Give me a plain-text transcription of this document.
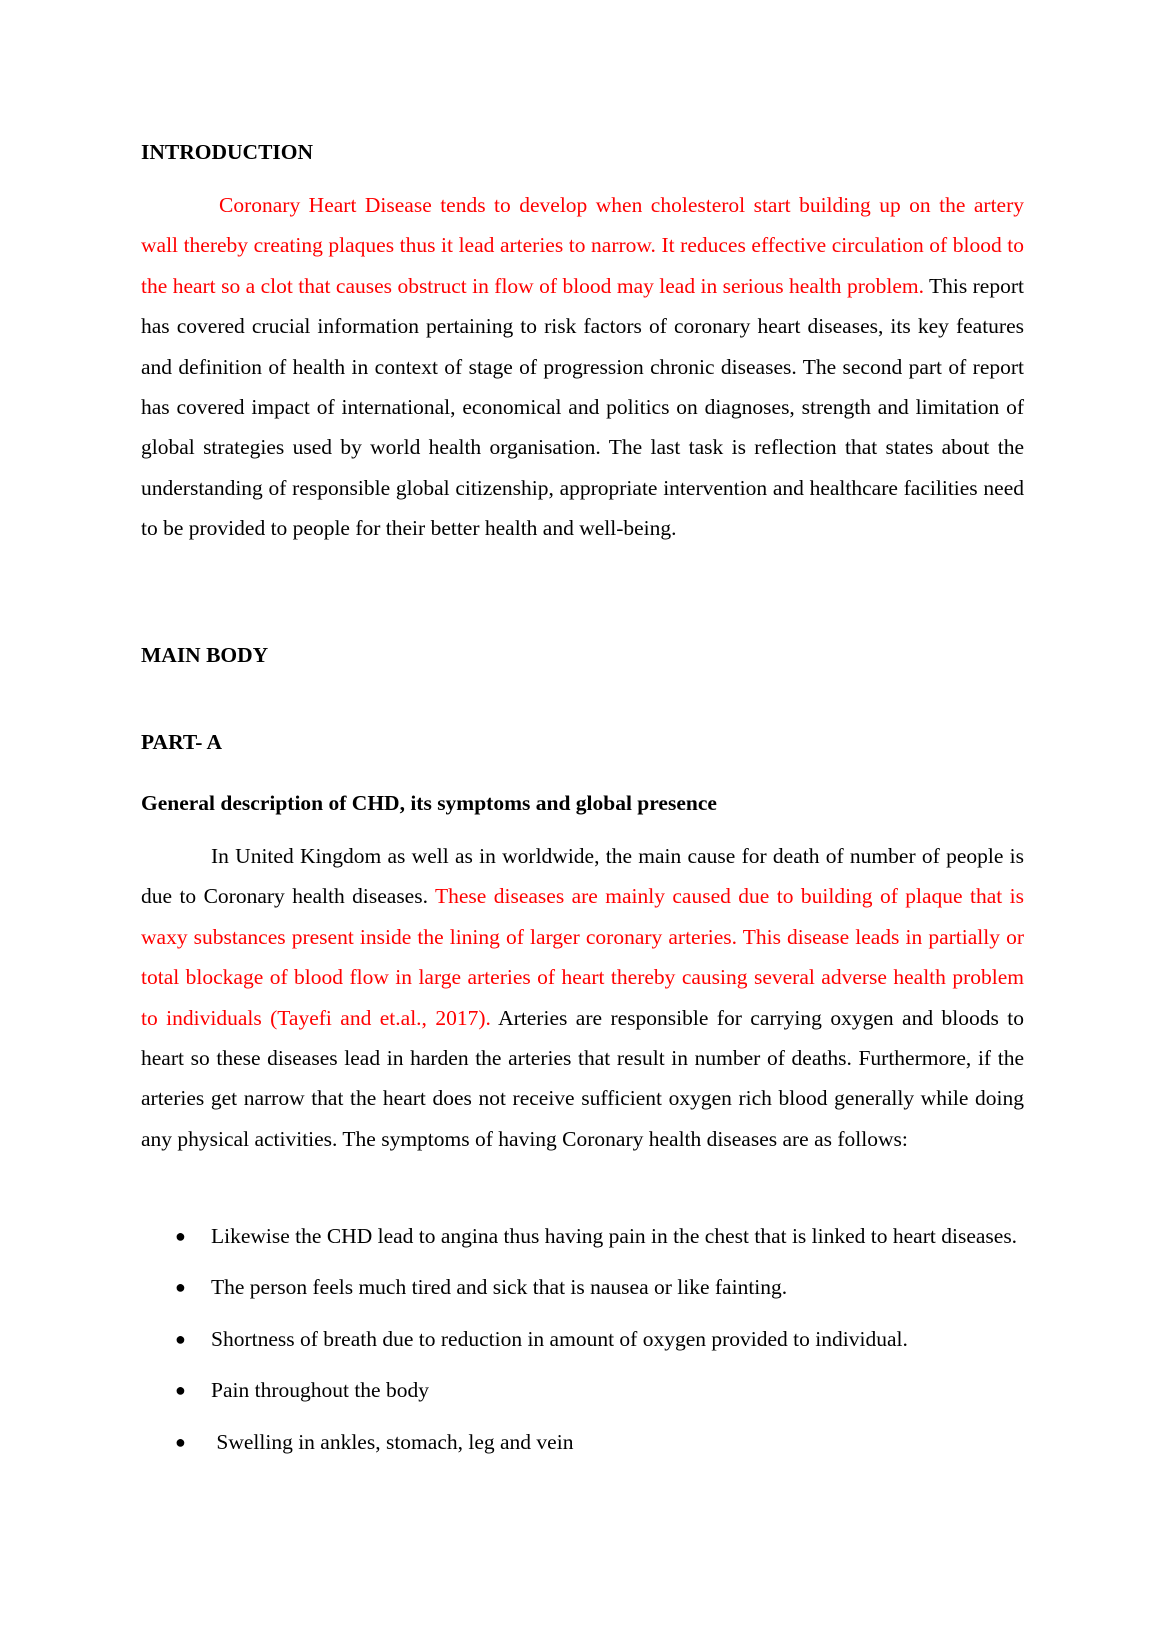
INTRODUCTION

Coronary Heart Disease tends to develop when cholesterol start building up on the artery wall thereby creating plaques thus it lead arteries to narrow. It reduces effective circulation of blood to the heart so a clot that causes obstruct in flow of blood may lead in serious health problem. This report has covered crucial information pertaining to risk factors of coronary heart diseases, its key features and definition of health in context of stage of progression chronic diseases. The second part of report has covered impact of international, economical and politics on diagnoses, strength and limitation of global strategies used by world health organisation. The last task is reflection that states about the understanding of responsible global citizenship, appropriate intervention and healthcare facilities need to be provided to people for their better health and well-being.

MAIN BODY
PART- A
General description of CHD, its symptoms and global presence

In United Kingdom as well as in worldwide, the main cause for death of number of people is due to Coronary health diseases. These diseases are mainly caused due to building of plaque that is waxy substances present inside the lining of larger coronary arteries. This disease leads in partially or total blockage of blood flow in large arteries of heart thereby causing several adverse health problem to individuals (Tayefi and et.al., 2017). Arteries are responsible for carrying oxygen and bloods to heart so these diseases lead in harden the arteries that result in number of deaths. Furthermore, if the arteries get narrow that the heart does not receive sufficient oxygen rich blood generally while doing any physical activities. The symptoms of having Coronary health diseases are as follows:

● Likewise the CHD lead to angina thus having pain in the chest that is linked to heart diseases.
● The person feels much tired and sick that is nausea or like fainting.
● Shortness of breath due to reduction in amount of oxygen provided to individual.
● Pain throughout the body
● Swelling in ankles, stomach, leg and vein
